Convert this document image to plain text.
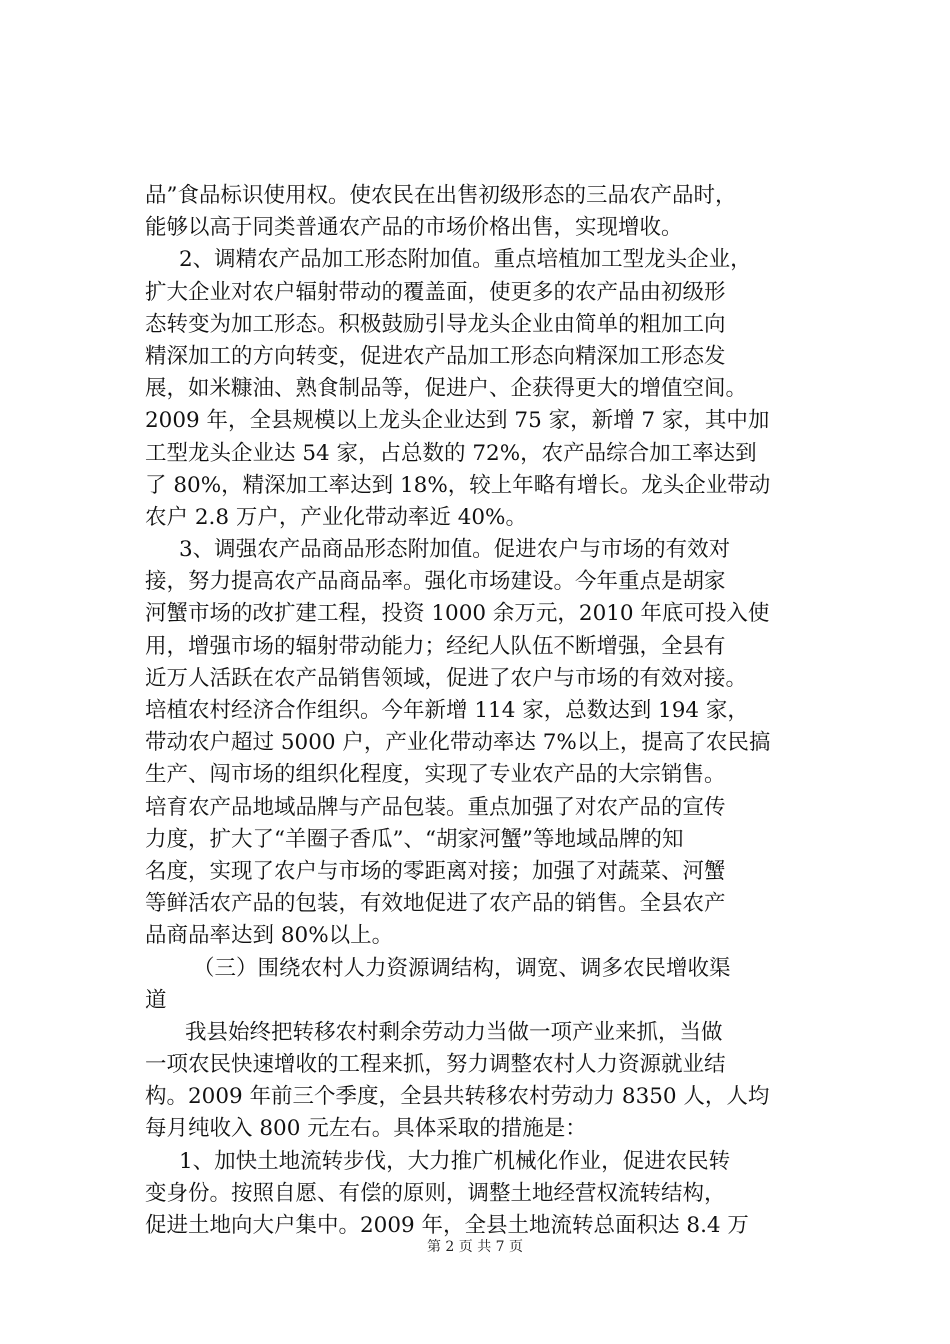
品”食品标识使用权。使农民在出售初级形态的三品农产品时，
能够以高于同类普通农产品的市场价格出售，实现增收。
2、调精农产品加工形态附加值。重点培植加工型龙头企业，
扩大企业对农户辐射带动的覆盖面，使更多的农产品由初级形
态转变为加工形态。积极鼓励引导龙头企业由简单的粗加工向
精深加工的方向转变，促进农产品加工形态向精深加工形态发
展，如米糠油、熟食制品等，促进户、企获得更大的增值空间。
2009 年，全县规模以上龙头企业达到 75 家，新增 7 家，其中加
工型龙头企业达 54 家，占总数的 72%，农产品综合加工率达到
了 80%，精深加工率达到 18%，较上年略有增长。龙头企业带动
农户 2.8 万户，产业化带动率近 40%。
3、调强农产品商品形态附加值。促进农户与市场的有效对
接，努力提高农产品商品率。强化市场建设。今年重点是胡家
河蟹市场的改扩建工程，投资 1000 余万元，2010 年底可投入使
用，增强市场的辐射带动能力；经纪人队伍不断增强，全县有
近万人活跃在农产品销售领域，促进了农户与市场的有效对接。
培植农村经济合作组织。今年新增 114 家，总数达到 194 家，
带动农户超过 5000 户，产业化带动率达 7%以上，提高了农民搞
生产、闯市场的组织化程度，实现了专业农产品的大宗销售。
培育农产品地域品牌与产品包装。重点加强了对农产品的宣传
力度，扩大了“羊圈子香瓜”、“胡家河蟹”等地域品牌的知
名度，实现了农户与市场的零距离对接；加强了对蔬菜、河蟹
等鲜活农产品的包装，有效地促进了农产品的销售。全县农产
品商品率达到 80%以上。
（三）围绕农村人力资源调结构，调宽、调多农民增收渠
道
我县始终把转移农村剩余劳动力当做一项产业来抓，当做
一项农民快速增收的工程来抓，努力调整农村人力资源就业结
构。2009 年前三个季度，全县共转移农村劳动力 8350 人，人均
每月纯收入 800 元左右。具体采取的措施是：
1、加快土地流转步伐，大力推广机械化作业，促进农民转
变身份。按照自愿、有偿的原则，调整土地经营权流转结构，
促进土地向大户集中。2009 年，全县土地流转总面积达 8.4 万
第 2 页 共 7 页
